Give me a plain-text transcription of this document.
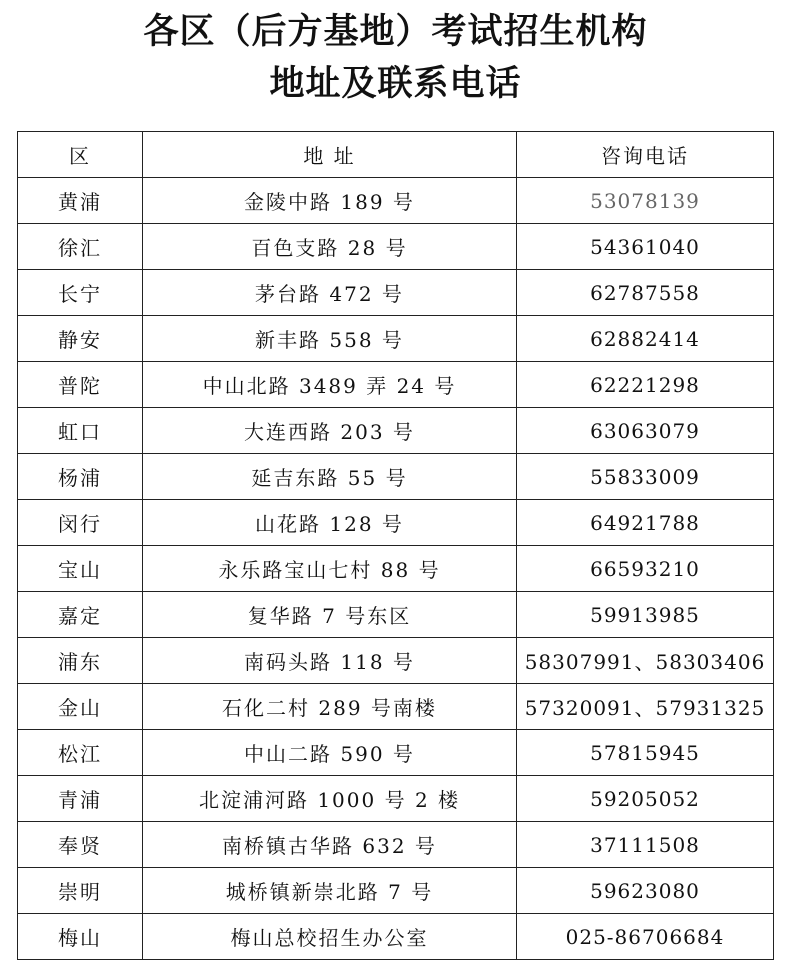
各区（后方基地）考试招生机构
地址及联系电话
区	地 址	咨询电话
黄浦	金陵中路 189 号	53078139
徐汇	百色支路 28 号	54361040
长宁	茅台路 472 号	62787558
静安	新丰路 558 号	62882414
普陀	中山北路 3489 弄 24 号	62221298
虹口	大连西路 203 号	63063079
杨浦	延吉东路 55 号	55833009
闵行	山花路 128 号	64921788
宝山	永乐路宝山七村 88 号	66593210
嘉定	复华路 7 号东区	59913985
浦东	南码头路 118 号	58307991、58303406
金山	石化二村 289 号南楼	57320091、57931325
松江	中山二路 590 号	57815945
青浦	北淀浦河路 1000 号 2 楼	59205052
奉贤	南桥镇古华路 632 号	37111508
崇明	城桥镇新崇北路 7 号	59623080
梅山	梅山总校招生办公室	025-86706684
